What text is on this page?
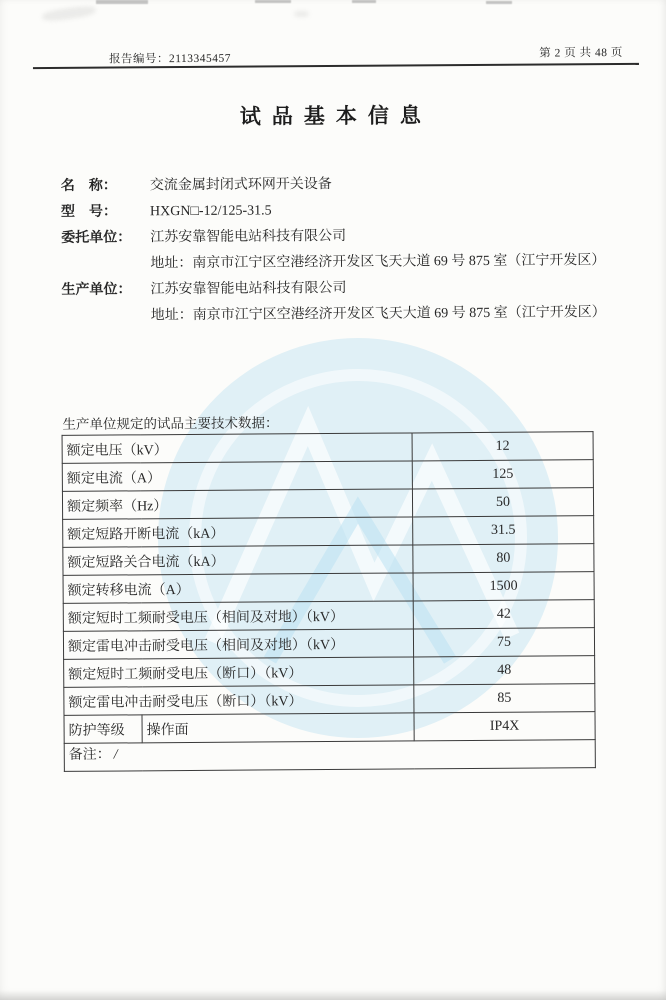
报告编号：2113345457	第 2 页 共 48 页
试品基本信息
名　称：	交流金属封闭式环网开关设备
型　号：	HXGN□-12/125-31.5
委托单位：	江苏安靠智能电站科技有限公司
地址：南京市江宁区空港经济开发区飞天大道 69 号 875 室（江宁开发区）
生产单位：	江苏安靠智能电站科技有限公司
地址：南京市江宁区空港经济开发区飞天大道 69 号 875 室（江宁开发区）
生产单位规定的试品主要技术数据：
额定电压（kV）		12
额定电流（A）		125
额定频率（Hz）		50
额定短路开断电流（kA）		31.5
额定短路关合电流（kA）		80
额定转移电流（A）		1500
额定短时工频耐受电压（相间及对地）（kV）		42
额定雷电冲击耐受电压（相间及对地）（kV）		75
额定短时工频耐受电压（断口）（kV）		48
额定雷电冲击耐受电压（断口）（kV）		85
防护等级	操作面	IP4X
备注： /		
